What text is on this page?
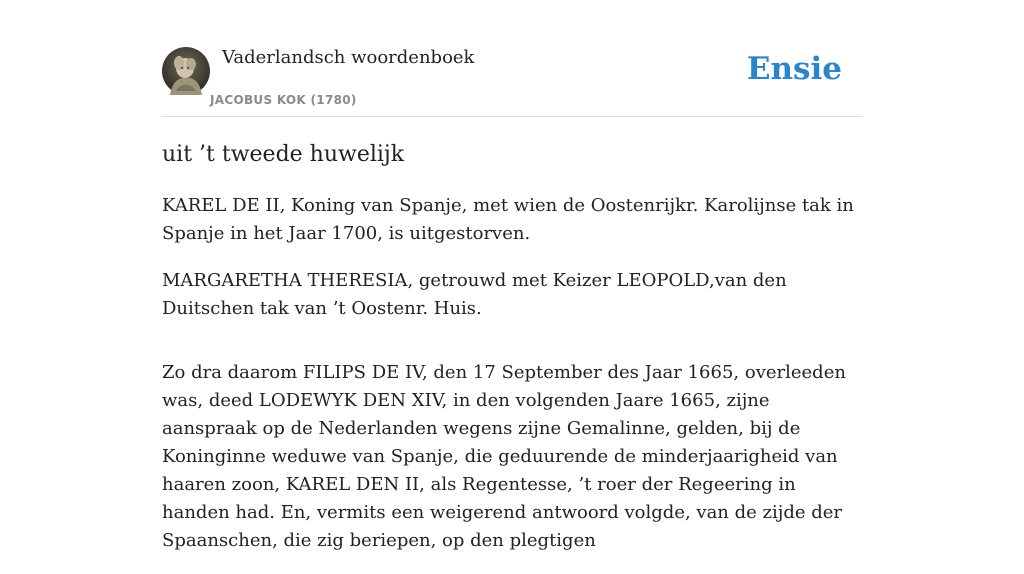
Vaderlandsch woordenboek
JACOBUS KOK (1780)
Ensie
uit ’t tweede huwelijk

KAREL DE II, Koning van Spanje, met wien de Oostenrijkr. Karolijnse tak in Spanje in het Jaar 1700, is uitgestorven.

MARGARETHA THERESIA, getrouwd met Keizer LEOPOLD,van den Duitschen tak van ’t Oostenr. Huis.

Zo dra daarom FILIPS DE IV, den 17 September des Jaar 1665, overleeden was, deed LODEWYK DEN XIV, in den volgenden Jaare 1665, zijne aanspraak op de Nederlanden wegens zijne Gemalinne, gelden, bij de Koninginne weduwe van Spanje, die geduurende de minderjaarigheid van haaren zoon, KAREL DEN II, als Regentesse, ’t roer der Regeering in handen had. En, vermits een weigerend antwoord volgde, van de zijde der Spaanschen, die zig beriepen, op den plegtigen
